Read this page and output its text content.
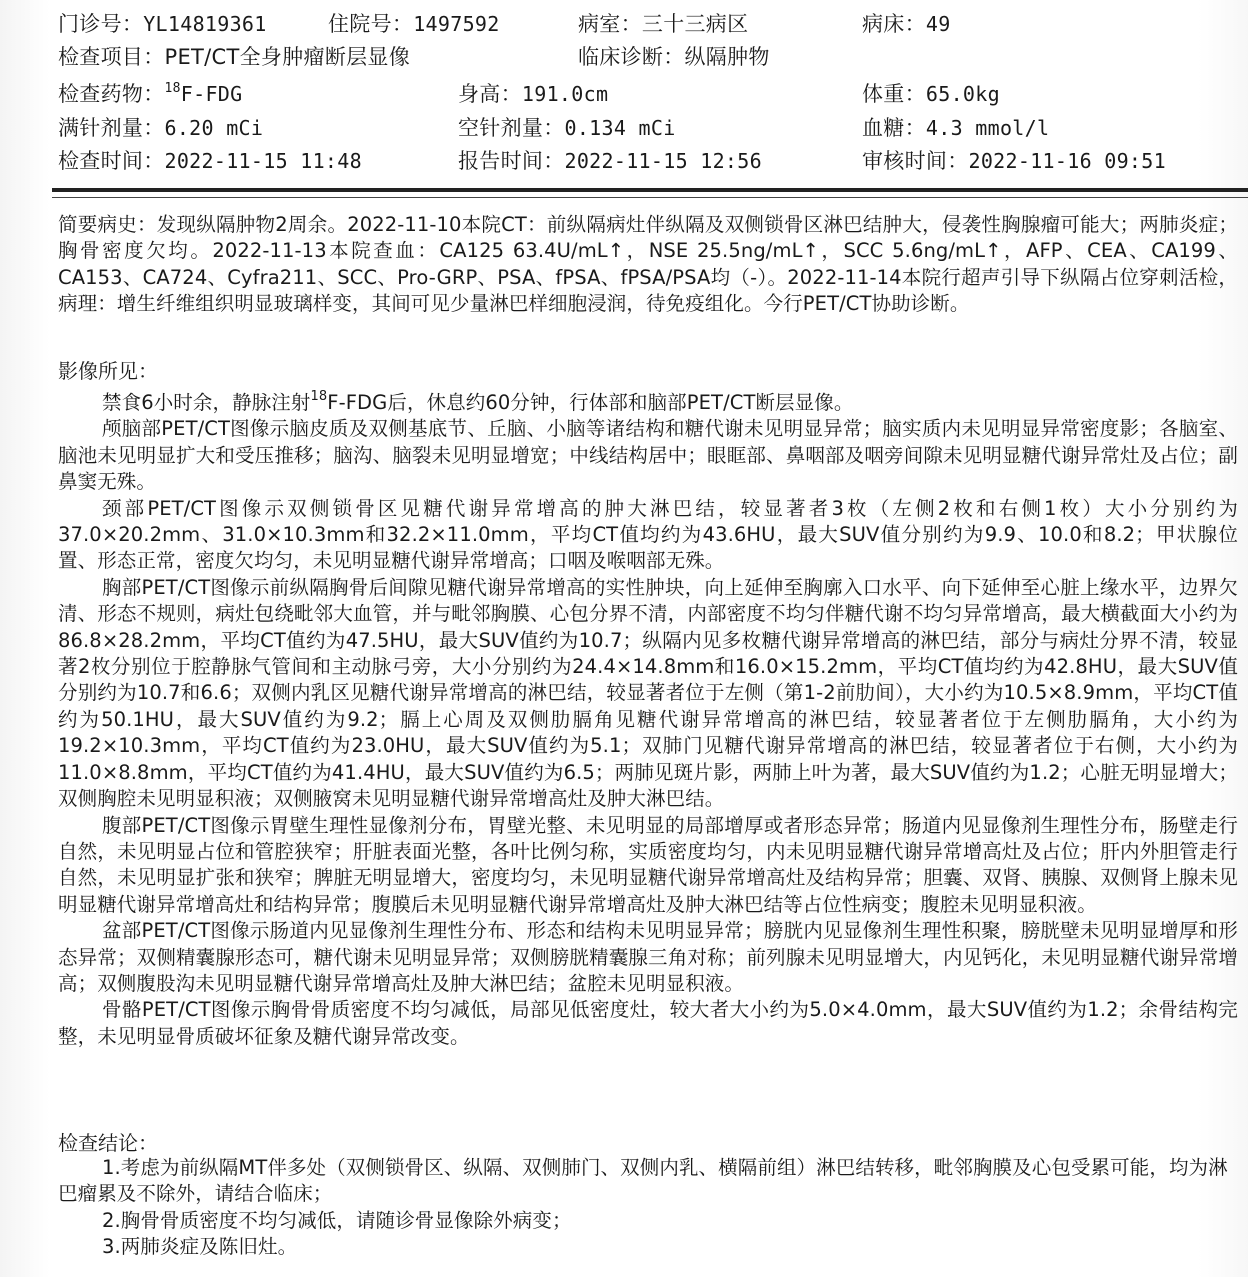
门诊号：YL14819361	住院号：1497592	病室：三十三病区	病床：49
检查项目：PET/CT全身肿瘤断层显像	临床诊断：纵隔肿物
检查药物：$^{18}$F-FDG	身高：191.0cm	体重：65.0kg
满针剂量：6.20 mCi	空针剂量：0.134 mCi	血糖：4.3 mmol/l
检查时间：2022-11-15 11:48	报告时间：2022-11-15 12:56	审核时间：2022-11-16 09:51

简要病史：发现纵隔肿物2周余。2022-11-10本院CT：前纵隔病灶伴纵隔及双侧锁骨区淋巴结肿大，侵袭性胸腺瘤可能大；两肺炎症；胸骨密度欠均。2022-11-13本院查血：CA125 63.4U/mL↑，NSE 25.5ng/mL↑，SCC 5.6ng/mL↑，AFP、CEA、CA199、CA153、CA724、Cyfra211、SCC、Pro-GRP、PSA、fPSA、fPSA/PSA均（-）。2022-11-14本院行超声引导下纵隔占位穿刺活检，病理：增生纤维组织明显玻璃样变，其间可见少量淋巴样细胞浸润，待免疫组化。今行PET/CT协助诊断。

影像所见：

禁食6小时余，静脉注射$^{18}$F-FDG后，休息约60分钟，行体部和脑部PET/CT断层显像。

颅脑部PET/CT图像示脑皮质及双侧基底节、丘脑、小脑等诸结构和糖代谢未见明显异常；脑实质内未见明显异常密度影；各脑室、脑池未见明显扩大和受压推移；脑沟、脑裂未见明显增宽；中线结构居中；眼眶部、鼻咽部及咽旁间隙未见明显糖代谢异常灶及占位；副鼻窦无殊。

颈部PET/CT图像示双侧锁骨区见糖代谢异常增高的肿大淋巴结，较显著者3枚（左侧2枚和右侧1枚）大小分别约为37.0×20.2mm、31.0×10.3mm和32.2×11.0mm，平均CT值均约为43.6HU，最大SUV值分别约为9.9、10.0和8.2；甲状腺位置、形态正常，密度欠均匀，未见明显糖代谢异常增高；口咽及喉咽部无殊。

胸部PET/CT图像示前纵隔胸骨后间隙见糖代谢异常增高的实性肿块，向上延伸至胸廓入口水平、向下延伸至心脏上缘水平，边界欠清、形态不规则，病灶包绕毗邻大血管，并与毗邻胸膜、心包分界不清，内部密度不均匀伴糖代谢不均匀异常增高，最大横截面大小约为86.8×28.2mm，平均CT值约为47.5HU，最大SUV值约为10.7；纵隔内见多枚糖代谢异常增高的淋巴结，部分与病灶分界不清，较显著2枚分别位于腔静脉气管间和主动脉弓旁，大小分别约为24.4×14.8mm和16.0×15.2mm，平均CT值均约为42.8HU，最大SUV值分别约为10.7和6.6；双侧内乳区见糖代谢异常增高的淋巴结，较显著者位于左侧（第1-2前肋间），大小约为10.5×8.9mm，平均CT值约为50.1HU，最大SUV值约为9.2；膈上心周及双侧肋膈角见糖代谢异常增高的淋巴结，较显著者位于左侧肋膈角，大小约为19.2×10.3mm，平均CT值约为23.0HU，最大SUV值约为5.1；双肺门见糖代谢异常增高的淋巴结，较显著者位于右侧，大小约为11.0×8.8mm，平均CT值约为41.4HU，最大SUV值约为6.5；两肺见斑片影，两肺上叶为著，最大SUV值约为1.2；心脏无明显增大；双侧胸腔未见明显积液；双侧腋窝未见明显糖代谢异常增高灶及肿大淋巴结。

腹部PET/CT图像示胃壁生理性显像剂分布，胃壁光整、未见明显的局部增厚或者形态异常；肠道内见显像剂生理性分布，肠壁走行自然，未见明显占位和管腔狭窄；肝脏表面光整，各叶比例匀称，实质密度均匀，内未见明显糖代谢异常增高灶及占位；肝内外胆管走行自然，未见明显扩张和狭窄；脾脏无明显增大，密度均匀，未见明显糖代谢异常增高灶及结构异常；胆囊、双肾、胰腺、双侧肾上腺未见明显糖代谢异常增高灶和结构异常；腹膜后未见明显糖代谢异常增高灶及肿大淋巴结等占位性病变；腹腔未见明显积液。

盆部PET/CT图像示肠道内见显像剂生理性分布、形态和结构未见明显异常；膀胱内见显像剂生理性积聚，膀胱壁未见明显增厚和形态异常；双侧精囊腺形态可，糖代谢未见明显异常；双侧膀胱精囊腺三角对称；前列腺未见明显增大，内见钙化，未见明显糖代谢异常增高；双侧腹股沟未见明显糖代谢异常增高灶及肿大淋巴结；盆腔未见明显积液。

骨骼PET/CT图像示胸骨骨质密度不均匀减低，局部见低密度灶，较大者大小约为5.0×4.0mm，最大SUV值约为1.2；余骨结构完整，未见明显骨质破坏征象及糖代谢异常改变。

检查结论：

1.考虑为前纵隔MT伴多处（双侧锁骨区、纵隔、双侧肺门、双侧内乳、横隔前组）淋巴结转移，毗邻胸膜及心包受累可能，均为淋巴瘤累及不除外，请结合临床；

2.胸骨骨质密度不均匀减低，请随诊骨显像除外病变；

3.两肺炎症及陈旧灶。
